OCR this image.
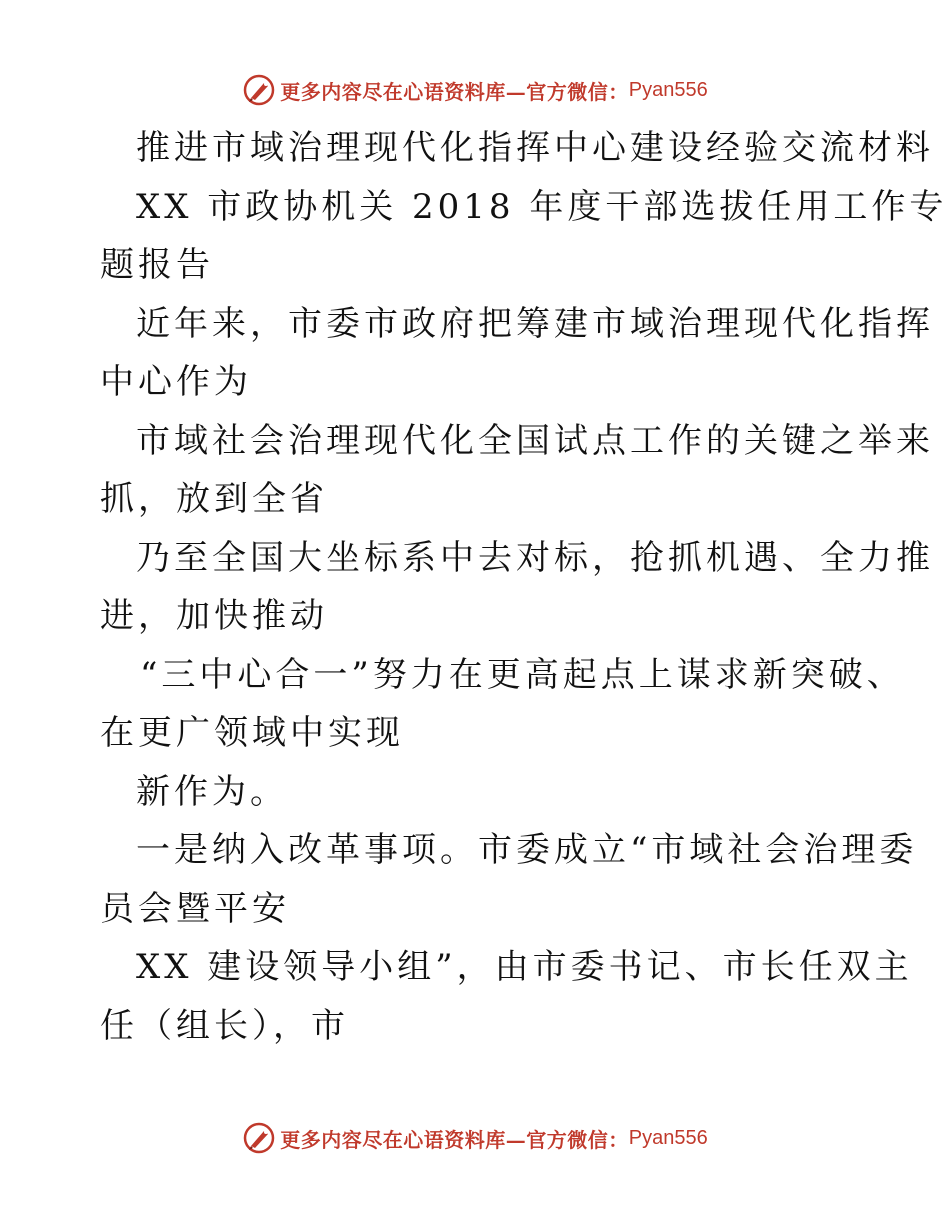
更多内容尽在心语资料库—官方微信： Pyan556
推进市域治理现代化指挥中心建设经验交流材料
XX 市政协机关 2018 年度干部选拔任用工作专
题报告
近年来，市委市政府把筹建市域治理现代化指挥
中心作为
市域社会治理现代化全国试点工作的关键之举来
抓，放到全省
乃至全国大坐标系中去对标，抢抓机遇、全力推
进，加快推动
“三中心合一”努力在更高起点上谋求新突破、
在更广领域中实现
新作为。
一是纳入改革事项。市委成立“市域社会治理委
员会暨平安
XX 建设领导小组”，由市委书记、市长任双主
任（组长），市
更多内容尽在心语资料库—官方微信： Pyan556
